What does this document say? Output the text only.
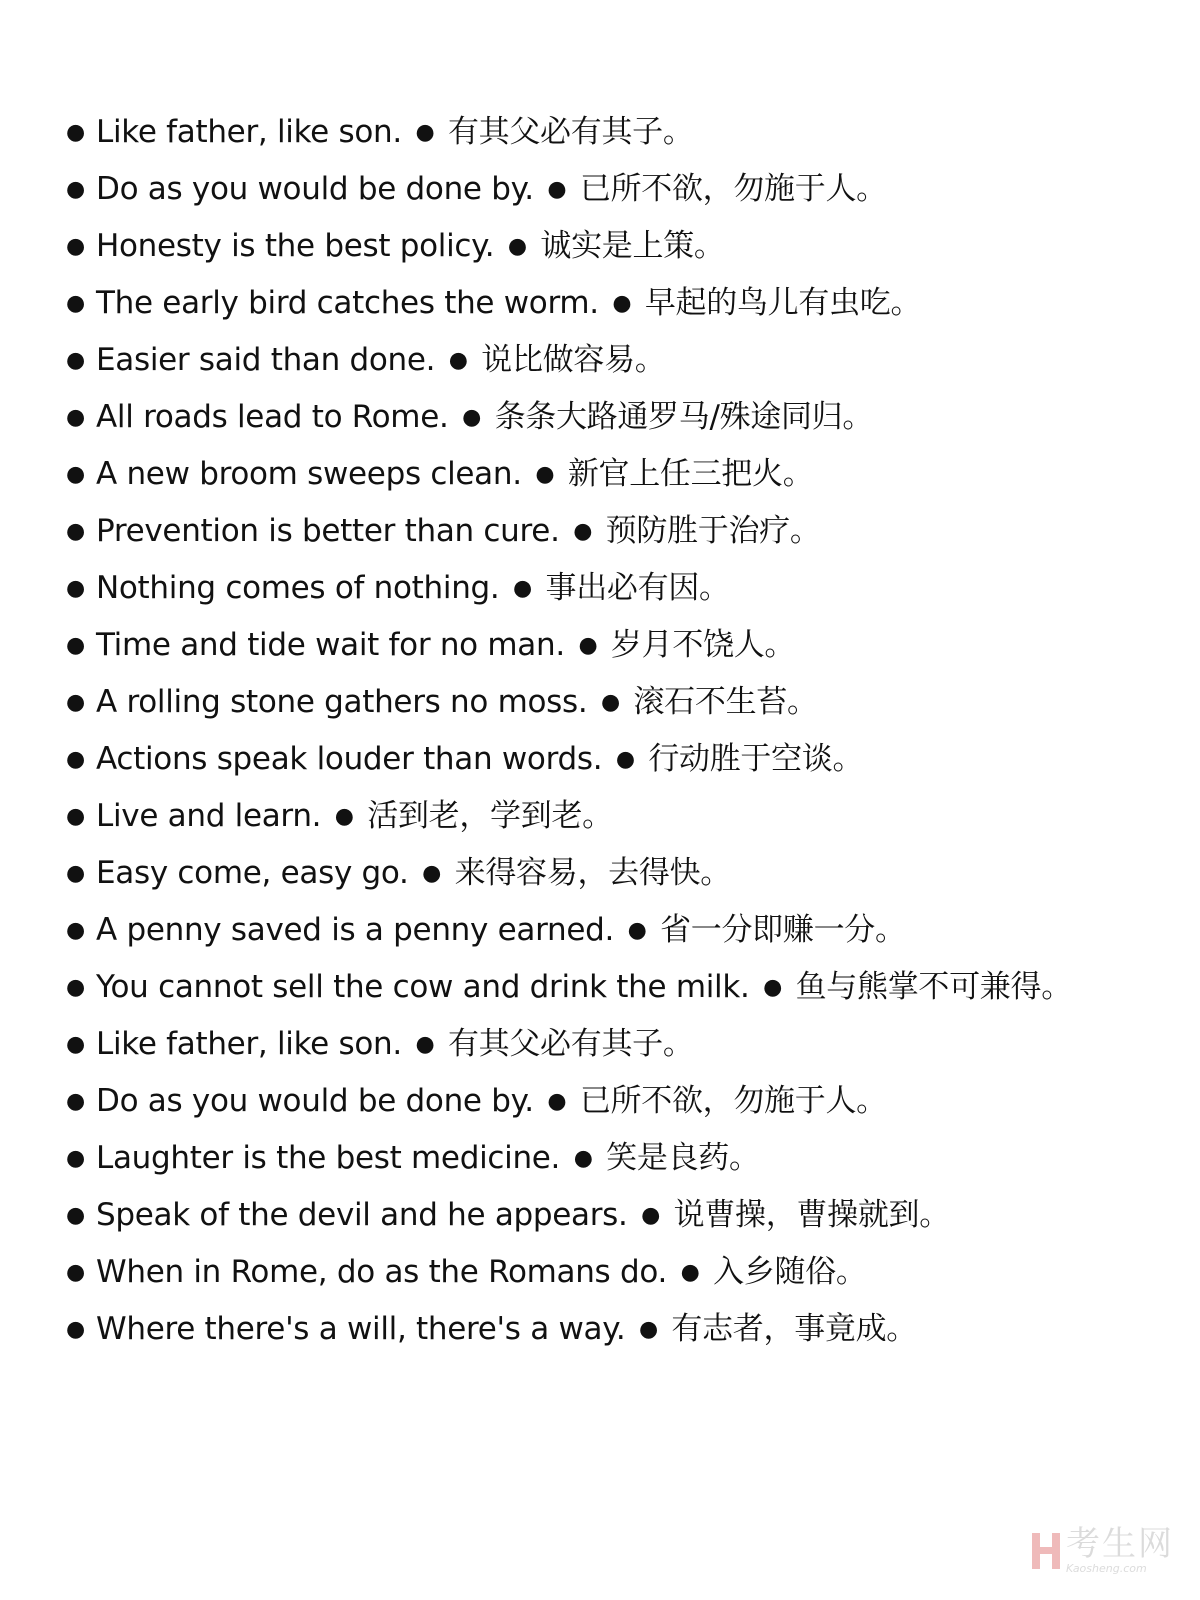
● Like father, like son. ● 有其父必有其子。
● Do as you would be done by. ● 已所不欲，勿施于人。
● Honesty is the best policy. ● 诚实是上策。
● The early bird catches the worm. ● 早起的鸟儿有虫吃。
● Easier said than done. ● 说比做容易。
● All roads lead to Rome. ● 条条大路通罗马/殊途同归。
● A new broom sweeps clean. ● 新官上任三把火。
● Prevention is better than cure. ● 预防胜于治疗。
● Nothing comes of nothing. ● 事出必有因。
● Time and tide wait for no man. ● 岁月不饶人。
● A rolling stone gathers no moss. ● 滚石不生苔。
● Actions speak louder than words. ● 行动胜于空谈。
● Live and learn. ● 活到老，学到老。
● Easy come, easy go. ● 来得容易，去得快。
● A penny saved is a penny earned. ● 省一分即赚一分。
● You cannot sell the cow and drink the milk. ● 鱼与熊掌不可兼得。
● Like father, like son. ● 有其父必有其子。
● Do as you would be done by. ● 已所不欲，勿施于人。
● Laughter is the best medicine. ● 笑是良药。
● Speak of the devil and he appears. ● 说曹操，曹操就到。
● When in Rome, do as the Romans do. ● 入乡随俗。
● Where there's a will, there's a way. ● 有志者，事竟成。
考生网
Kaosheng.com
